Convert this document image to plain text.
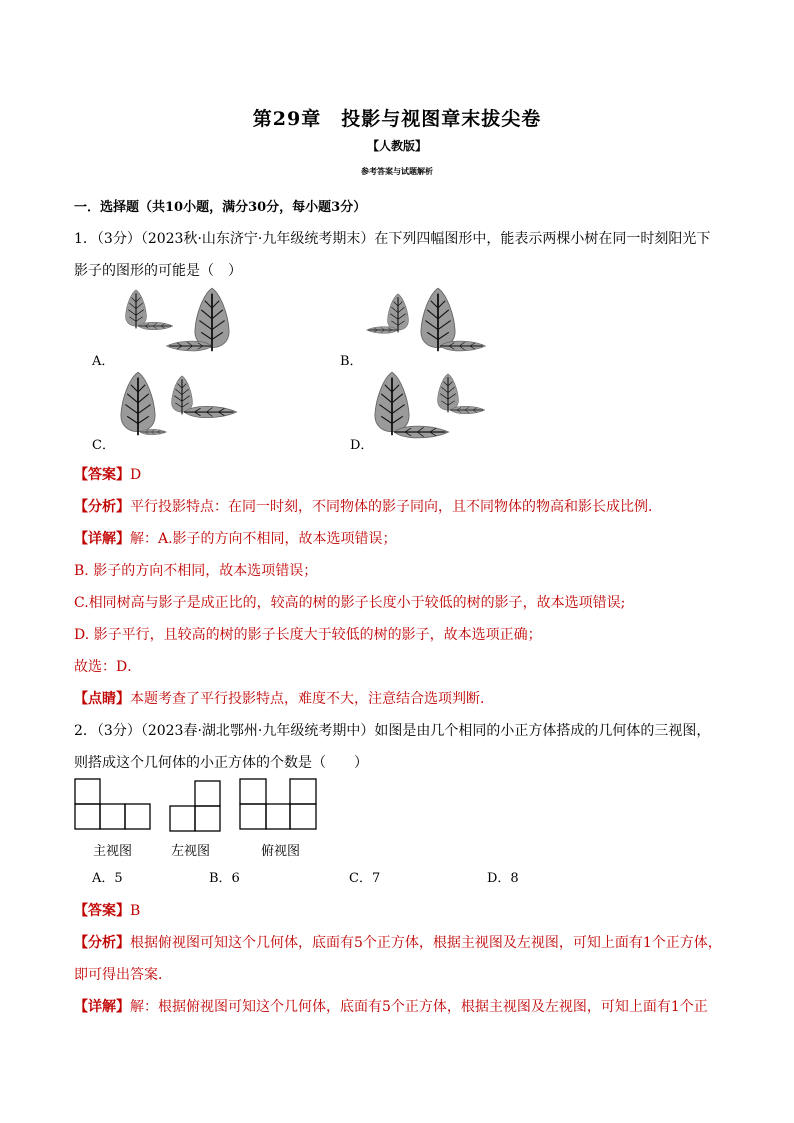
第29章　投影与视图章末拔尖卷
【人教版】
参考答案与试题解析
一．选择题（共10小题，满分30分，每小题3分）
1．（3分）（2023秋·山东济宁·九年级统考期末）在下列四幅图形中，能表示两棵小树在同一时刻阳光下
影子的图形的可能是（　）
A．	B．
C．	D．
【答案】D
【分析】平行投影特点：在同一时刻，不同物体的影子同向，且不同物体的物高和影长成比例．
【详解】解：A.影子的方向不相同，故本选项错误；
B. 影子的方向不相同，故本选项错误；
C.相同树高与影子是成正比的，较高的树的影子长度小于较低的树的影子，故本选项错误;
D. 影子平行，且较高的树的影子长度大于较低的树的影子，故本选项正确；
故选：D．
【点睛】本题考查了平行投影特点，难度不大，注意结合选项判断．
2．（3分）（2023春·湖北鄂州·九年级统考期中）如图是由几个相同的小正方体搭成的几何体的三视图，
则搭成这个几何体的小正方体的个数是（　　）
主视图	左视图	俯视图
A．5	B．6	C．7	D．8
【答案】B
【分析】根据俯视图可知这个几何体，底面有5个正方体，根据主视图及左视图，可知上面有1个正方体，
即可得出答案．
【详解】解：根据俯视图可知这个几何体，底面有5个正方体，根据主视图及左视图，可知上面有1个正
